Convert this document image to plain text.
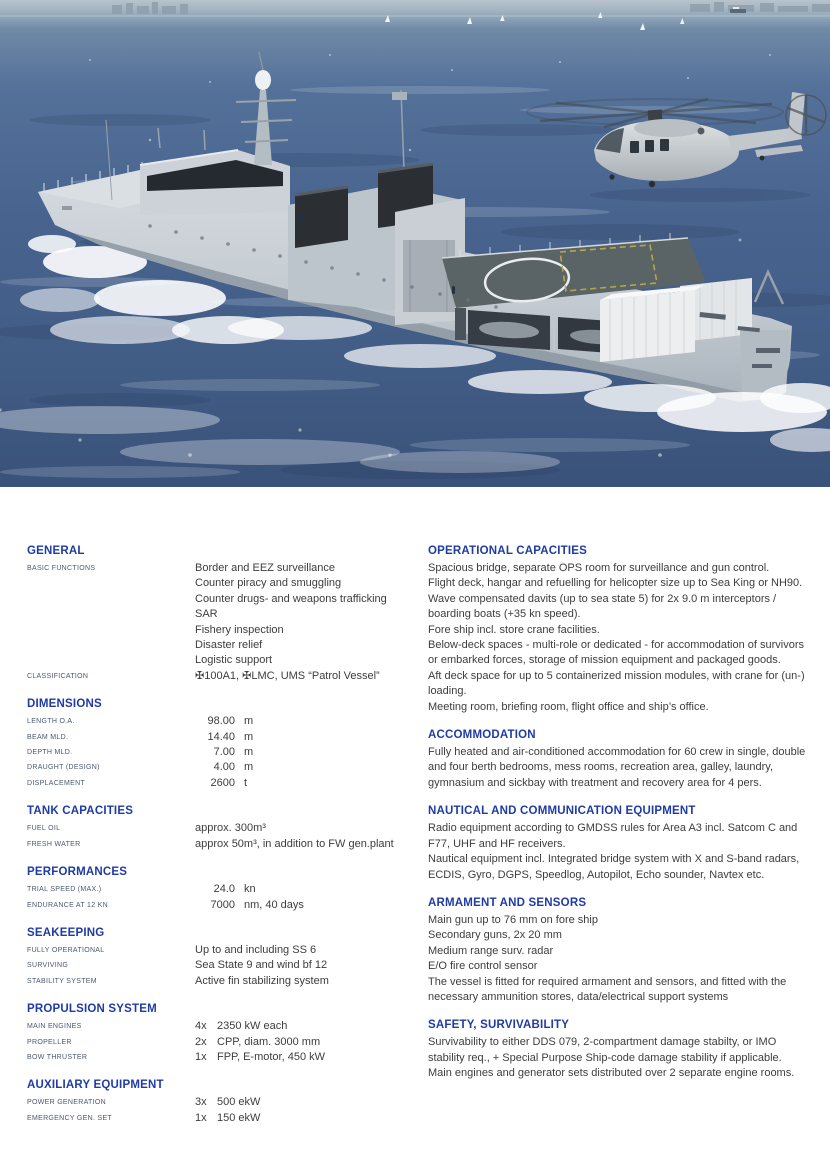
GENERAL
BASIC FUNCTIONS	Border and EEZ surveillance
Counter piracy and smuggling
Counter drugs- and weapons trafficking
SAR
Fishery inspection
Disaster relief
Logistic support
CLASSIFICATION	✠100A1, ✠LMC, UMS “Patrol Vessel”
DIMENSIONS
LENGTH O.A.	98.00 m
BEAM MLD.	14.40 m
DEPTH MLD.	7.00 m
DRAUGHT (DESIGN)	4.00 m
DISPLACEMENT	2600 t
TANK CAPACITIES
FUEL OIL	approx. 300m³
FRESH WATER	approx 50m³, in addition to FW gen.plant
PERFORMANCES
TRIAL SPEED (MAX.)	24.0 kn
ENDURANCE AT 12 KN	7000 nm, 40 days
SEAKEEPING
FULLY OPERATIONAL	Up to and including SS 6
SURVIVING	Sea State 9 and wind bf 12
STABILITY SYSTEM	Active fin stabilizing system
PROPULSION SYSTEM
MAIN ENGINES	4x 2350 kW each
PROPELLER	2x CPP, diam. 3000 mm
BOW THRUSTER	1x FPP, E-motor, 450 kW
AUXILIARY EQUIPMENT
POWER GENERATION	3x 500 ekW
EMERGENCY GEN. SET	1x 150 ekW
OPERATIONAL CAPACITIES

Spacious bridge, separate OPS room for surveillance and gun control.

Flight deck, hangar and refuelling for helicopter size up to Sea King or NH90.

Wave compensated davits (up to sea state 5) for 2x 9.0 m interceptors / boarding boats (+35 kn speed).

Fore ship incl. store crane facilities.

Below-deck spaces - multi-role or dedicated - for accommodation of survivors or embarked forces, storage of mission equipment and packaged goods.

Aft deck space for up to 5 containerized mission modules, with crane for (un-) loading.

Meeting room, briefing room, flight office and ship’s office.

ACCOMMODATION

Fully heated and air-conditioned accommodation for 60 crew in single, double and four berth bedrooms, mess rooms, recreation area, galley, laundry, gymnasium and sickbay with treatment and recovery area for 4 pers.

NAUTICAL AND COMMUNICATION EQUIPMENT

Radio equipment according to GMDSS rules for Area A3 incl. Satcom C and F77, UHF and HF receivers.

Nautical equipment incl. Integrated bridge system with X and S-band radars, ECDIS, Gyro, DGPS, Speedlog, Autopilot, Echo sounder, Navtex etc.

ARMAMENT AND SENSORS

Main gun up to 76 mm on fore ship

Secondary guns, 2x 20 mm

Medium range surv. radar

E/O fire control sensor

The vessel is fitted for required armament and sensors, and fitted with the necessary ammunition stores, data/electrical support systems

SAFETY, SURVIVABILITY

Survivability to either DDS 079, 2-compartment damage stabilty, or IMO stability req., + Special Purpose Ship-code damage stability if applicable.

Main engines and generator sets distributed over 2 separate engine rooms.
